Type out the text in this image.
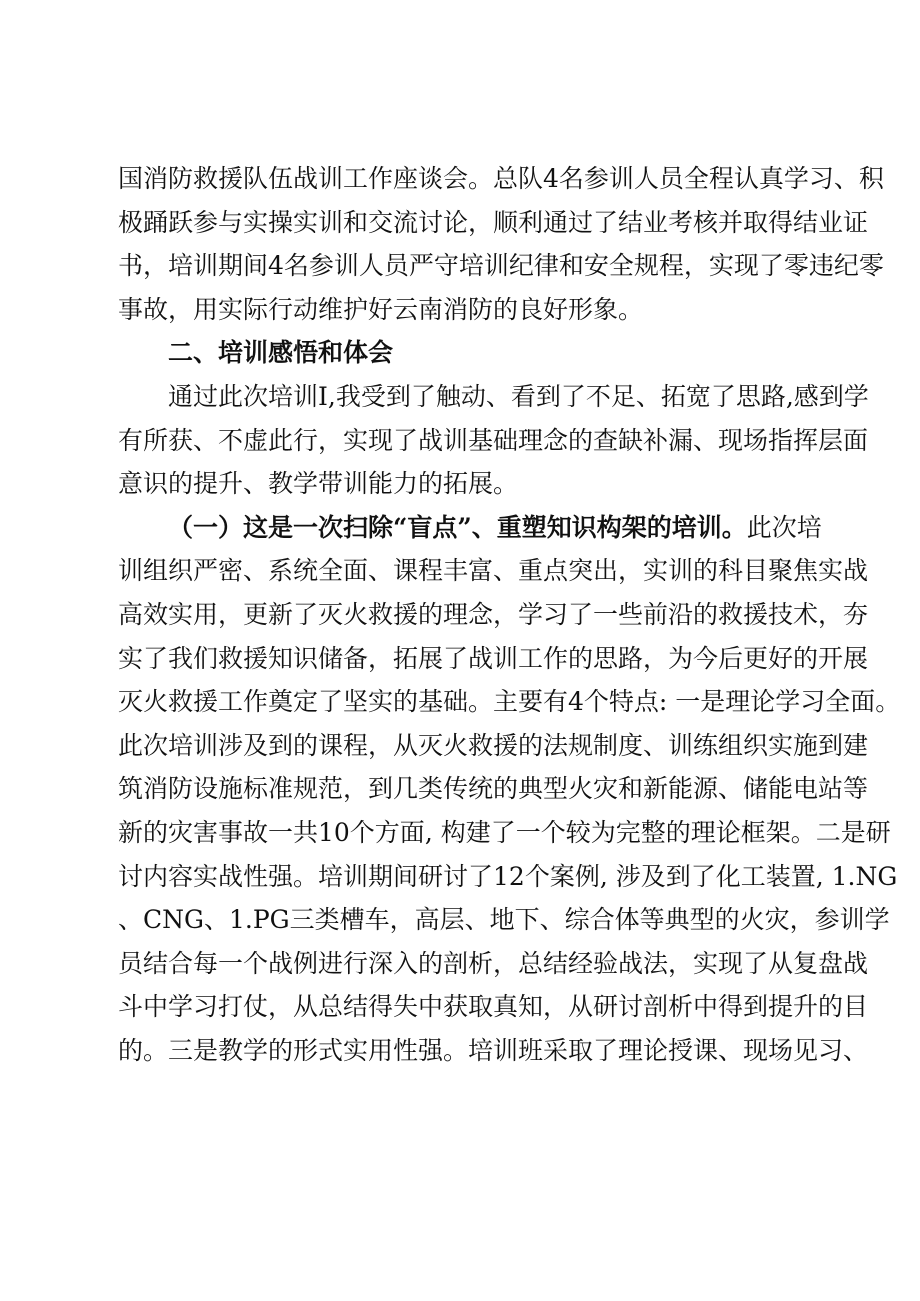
国消防救援队伍战训工作座谈会。总队4名参训人员全程认真学习、积
极踊跃参与实操实训和交流讨论，顺利通过了结业考核并取得结业证
书，培训期间4名参训人员严守培训纪律和安全规程，实现了零违纪零
事故，用实际行动维护好云南消防的良好形象。
二、培训感悟和体会
通过此次培训I,我受到了触动、看到了不足、拓宽了思路,感到学
有所获、不虚此行，实现了战训基础理念的查缺补漏、现场指挥层面
意识的提升、教学带训能力的拓展。
（一）这是一次扫除“盲点”、重塑知识构架的培训。此次培
训组织严密、系统全面、课程丰富、重点突出，实训的科目聚焦实战
高效实用，更新了灭火救援的理念，学习了一些前沿的救援技术，夯
实了我们救援知识储备，拓展了战训工作的思路，为今后更好的开展
灭火救援工作奠定了坚实的基础。主要有4个特点: 一是理论学习全面。
此次培训涉及到的课程，从灭火救援的法规制度、训练组织实施到建
筑消防设施标准规范，到几类传统的典型火灾和新能源、储能电站等
新的灾害事故一共10个方面, 构建了一个较为完整的理论框架。二是研
讨内容实战性强。培训期间研讨了12个案例, 涉及到了化工装置, 1.NG
、CNG、1.PG三类槽车，高层、地下、综合体等典型的火灾，参训学
员结合每一个战例进行深入的剖析，总结经验战法，实现了从复盘战
斗中学习打仗，从总结得失中获取真知，从研讨剖析中得到提升的目
的。三是教学的形式实用性强。培训班采取了理论授课、现场见习、
